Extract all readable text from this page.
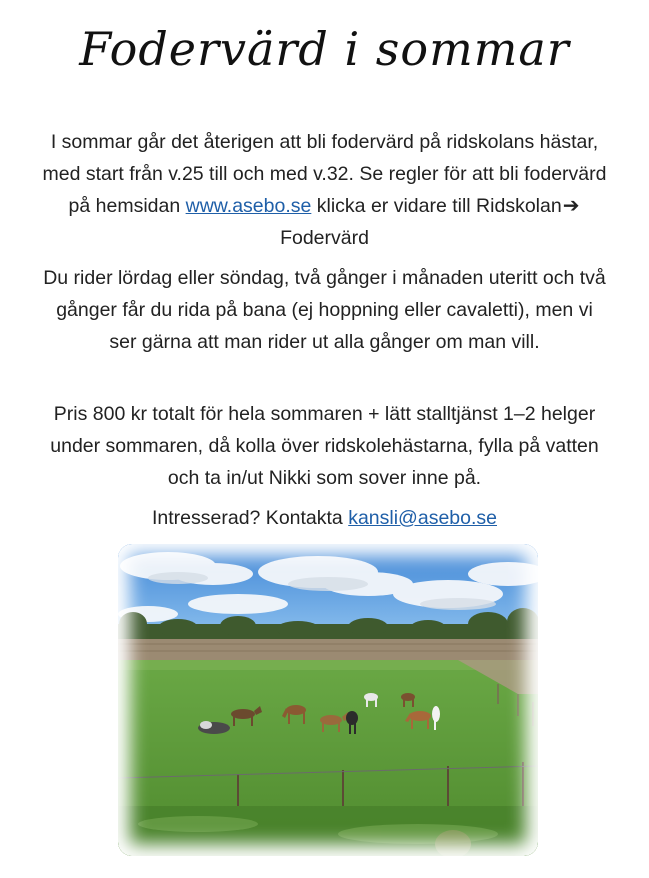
Fodervärd i sommar

I sommar går det återigen att bli fodervärd på ridskolans hästar, med start från v.25 till och med v.32. Se regler för att bli fodervärd på hemsidan www.asebo.se klicka er vidare till Ridskolan➔Fodervärd

Du rider lördag eller söndag, två gånger i månaden uteritt och två gånger får du rida på bana (ej hoppning eller cavaletti), men vi ser gärna att man rider ut alla gånger om man vill.

Pris 800 kr totalt för hela sommaren + lätt stalltjänst 1–2 helger under sommaren, då kolla över ridskolehästarna, fylla på vatten och ta in/ut Nikki som sover inne på.

Intresserad? Kontakta kansli@asebo.se
